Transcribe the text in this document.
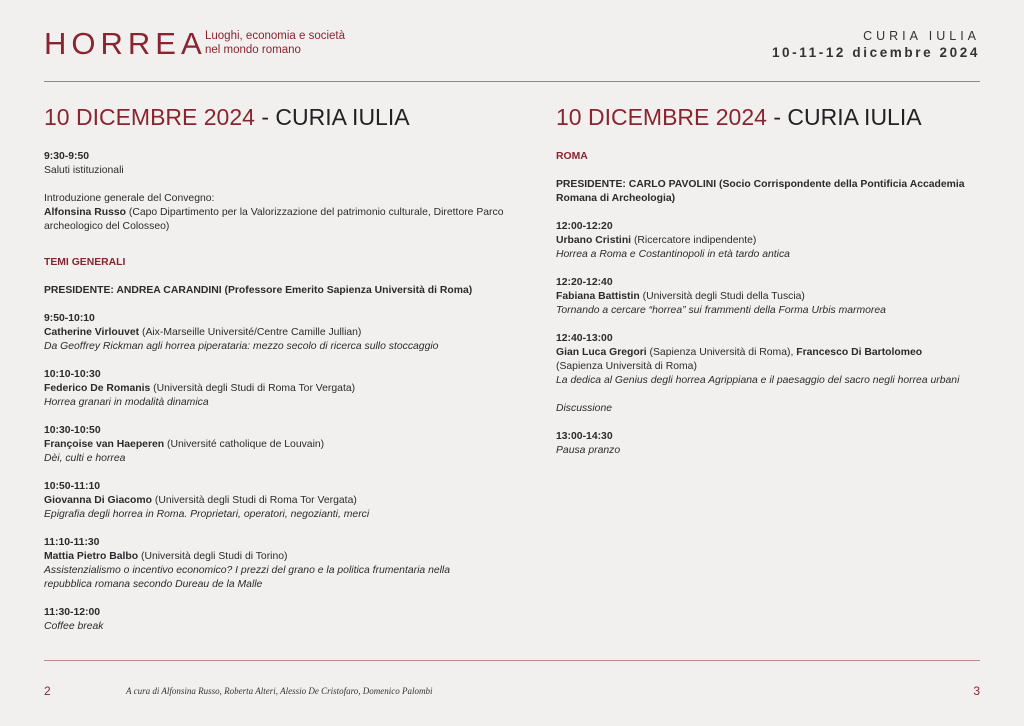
HORREA
Luoghi, economia e società
nel mondo romano
CURIA IULIA
10-11-12 dicembre 2024
10 DICEMBRE 2024 - CURIA IULIA

9:30-9:50

Saluti istituzionali

Introduzione generale del Convegno:

Alfonsina Russo (Capo Dipartimento per la Valorizzazione del patrimonio culturale, Direttore Parco archeologico del Colosseo)

TEMI GENERALI

PRESIDENTE: ANDREA CARANDINI (Professore Emerito Sapienza Università di Roma)

9:50-10:10

Catherine Virlouvet (Aix-Marseille Université/Centre Camille Jullian)

Da Geoffrey Rickman agli horrea piperataria: mezzo secolo di ricerca sullo stoccaggio

10:10-10:30

Federico De Romanis (Università degli Studi di Roma Tor Vergata)

Horrea granari in modalità dinamica

10:30-10:50

Françoise van Haeperen (Université catholique de Louvain)

Dèi, culti e horrea

10:50-11:10

Giovanna Di Giacomo (Università degli Studi di Roma Tor Vergata)

Epigrafia degli horrea in Roma. Proprietari, operatori, negozianti, merci

11:10-11:30

Mattia Pietro Balbo (Università degli Studi di Torino)

Assistenzialismo o incentivo economico? I prezzi del grano e la politica frumentaria nella repubblica romana secondo Dureau de la Malle

11:30-12:00

Coffee break

10 DICEMBRE 2024 - CURIA IULIA

ROMA

PRESIDENTE: CARLO PAVOLINI (Socio Corrispondente della Pontificia Accademia Romana di Archeologia)

12:00-12:20

Urbano Cristini (Ricercatore indipendente)

Horrea a Roma e Costantinopoli in età tardo antica

12:20-12:40

Fabiana Battistin (Università degli Studi della Tuscia)

Tornando a cercare “horrea” sui frammenti della Forma Urbis marmorea

12:40-13:00

Gian Luca Gregori (Sapienza Università di Roma), Francesco Di Bartolomeo

(Sapienza Università di Roma)

La dedica al Genius degli horrea Agrippiana e il paesaggio del sacro negli horrea urbani

Discussione

13:00-14:30

Pausa pranzo

2	A cura di Alfonsina Russo, Roberta Alteri, Alessio De Cristofaro, Domenico Palombi	3
